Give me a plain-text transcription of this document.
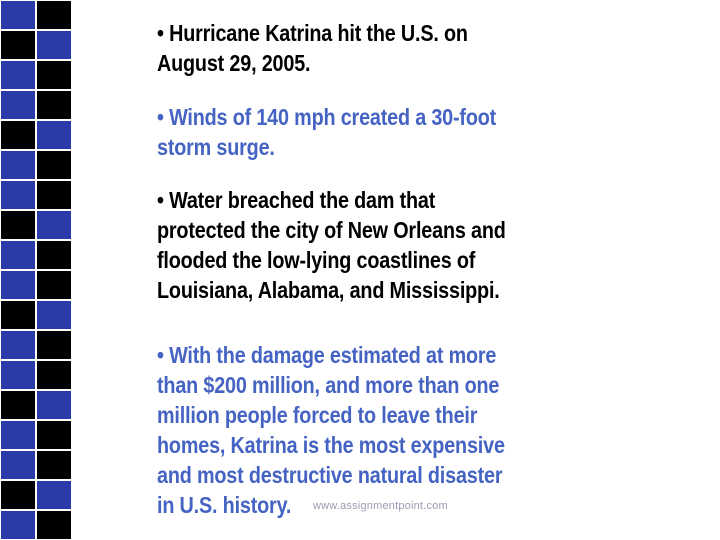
• Hurricane Katrina hit the U.S. on
August 29, 2005.
• Winds of 140 mph created a 30-foot
storm surge.
• Water breached the dam that
protected the city of New Orleans and
flooded the low-lying coastlines of
Louisiana, Alabama, and Mississippi.
• With the damage estimated at more
than $200 million, and more than one
million people forced to leave their
homes, Katrina is the most expensive
and most destructive natural disaster
in U.S. history.	www.assignmentpoint.com
